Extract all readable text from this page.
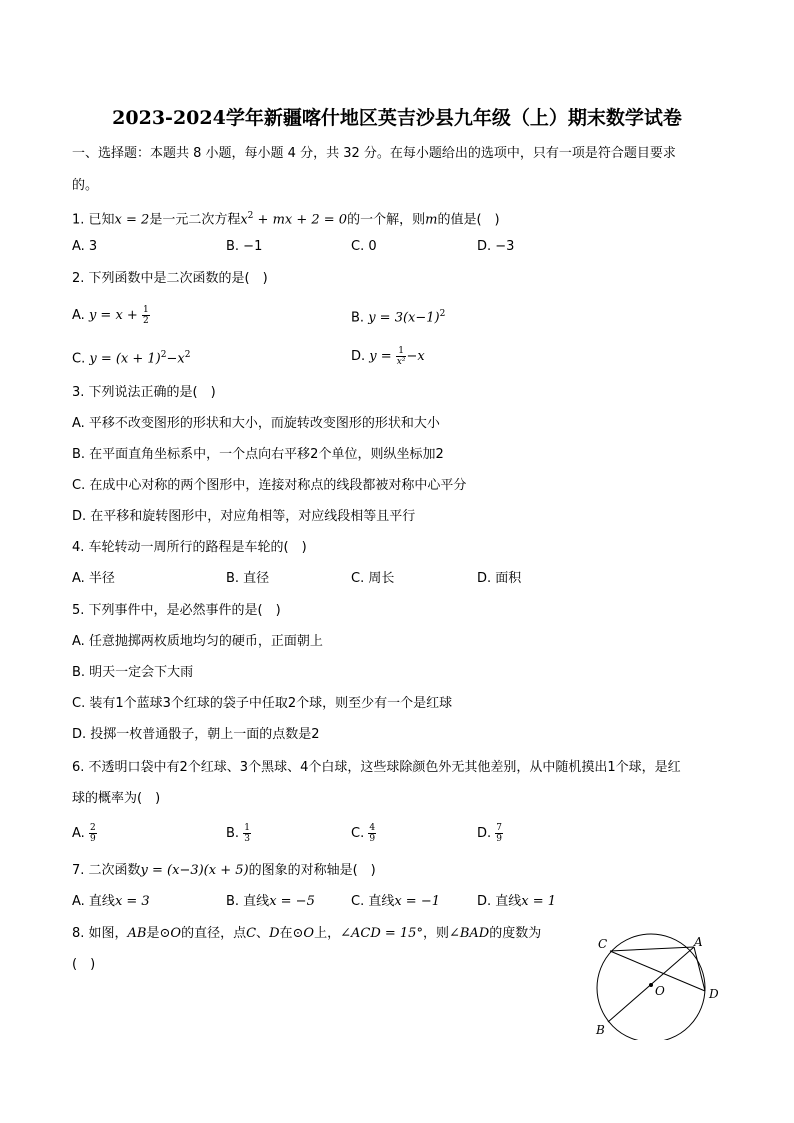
2023-2024学年新疆喀什地区英吉沙县九年级（上）期末数学试卷
一、选择题：本题共 8 小题，每小题 4 分，共 32 分。在每小题给出的选项中，只有一项是符合题目要求
的。
1. 已知x = 2是一元二次方程$x^2$ + mx + 2 = 0的一个解，则m的值是(　)
A. 3	B. −1	C. 0	D. −3
2. 下列函数中是二次函数的是(　)
A. $y = x + \frac{1}{2}$	B. $y = 3(x-1)^2$
C. $y = (x + 1)^2-x^2$	D. $y = \frac{1}{\text{x²}} -x$
3. 下列说法正确的是(　)
A. 平移不改变图形的形状和大小，而旋转改变图形的形状和大小
B. 在平面直角坐标系中，一个点向右平移2个单位，则纵坐标加2
C. 在成中心对称的两个图形中，连接对称点的线段都被对称中心平分
D. 在平移和旋转图形中，对应角相等，对应线段相等且平行
4. 车轮转动一周所行的路程是车轮的(　)
A. 半径	B. 直径	C. 周长	D. 面积
5. 下列事件中，是必然事件的是(　)
A. 任意抛掷两枚质地均匀的硬币，正面朝上
B. 明天一定会下大雨
C. 装有1个蓝球3个红球的袋子中任取2个球，则至少有一个是红球
D. 投掷一枚普通骰子，朝上一面的点数是2
6. 不透明口袋中有2个红球、3个黑球、4个白球，这些球除颜色外无其他差别，从中随机摸出1个球，是红
球的概率为(　)
A. $\frac{2}{9}$	B. $\frac{1}{3}$	C. $\frac{4}{9}$	D. $\frac{7}{9}$
7. 二次函数y = (x−3)(x + 5)的图象的对称轴是(　)
A. 直线x = 3	B. 直线x = −5	C. 直线x = −1	D. 直线x = 1
8. 如图，AB是⊙O的直径，点C、D在⊙O上，∠ACD = 15°，则∠BAD的度数为
(　)
C	A
O	D
B
